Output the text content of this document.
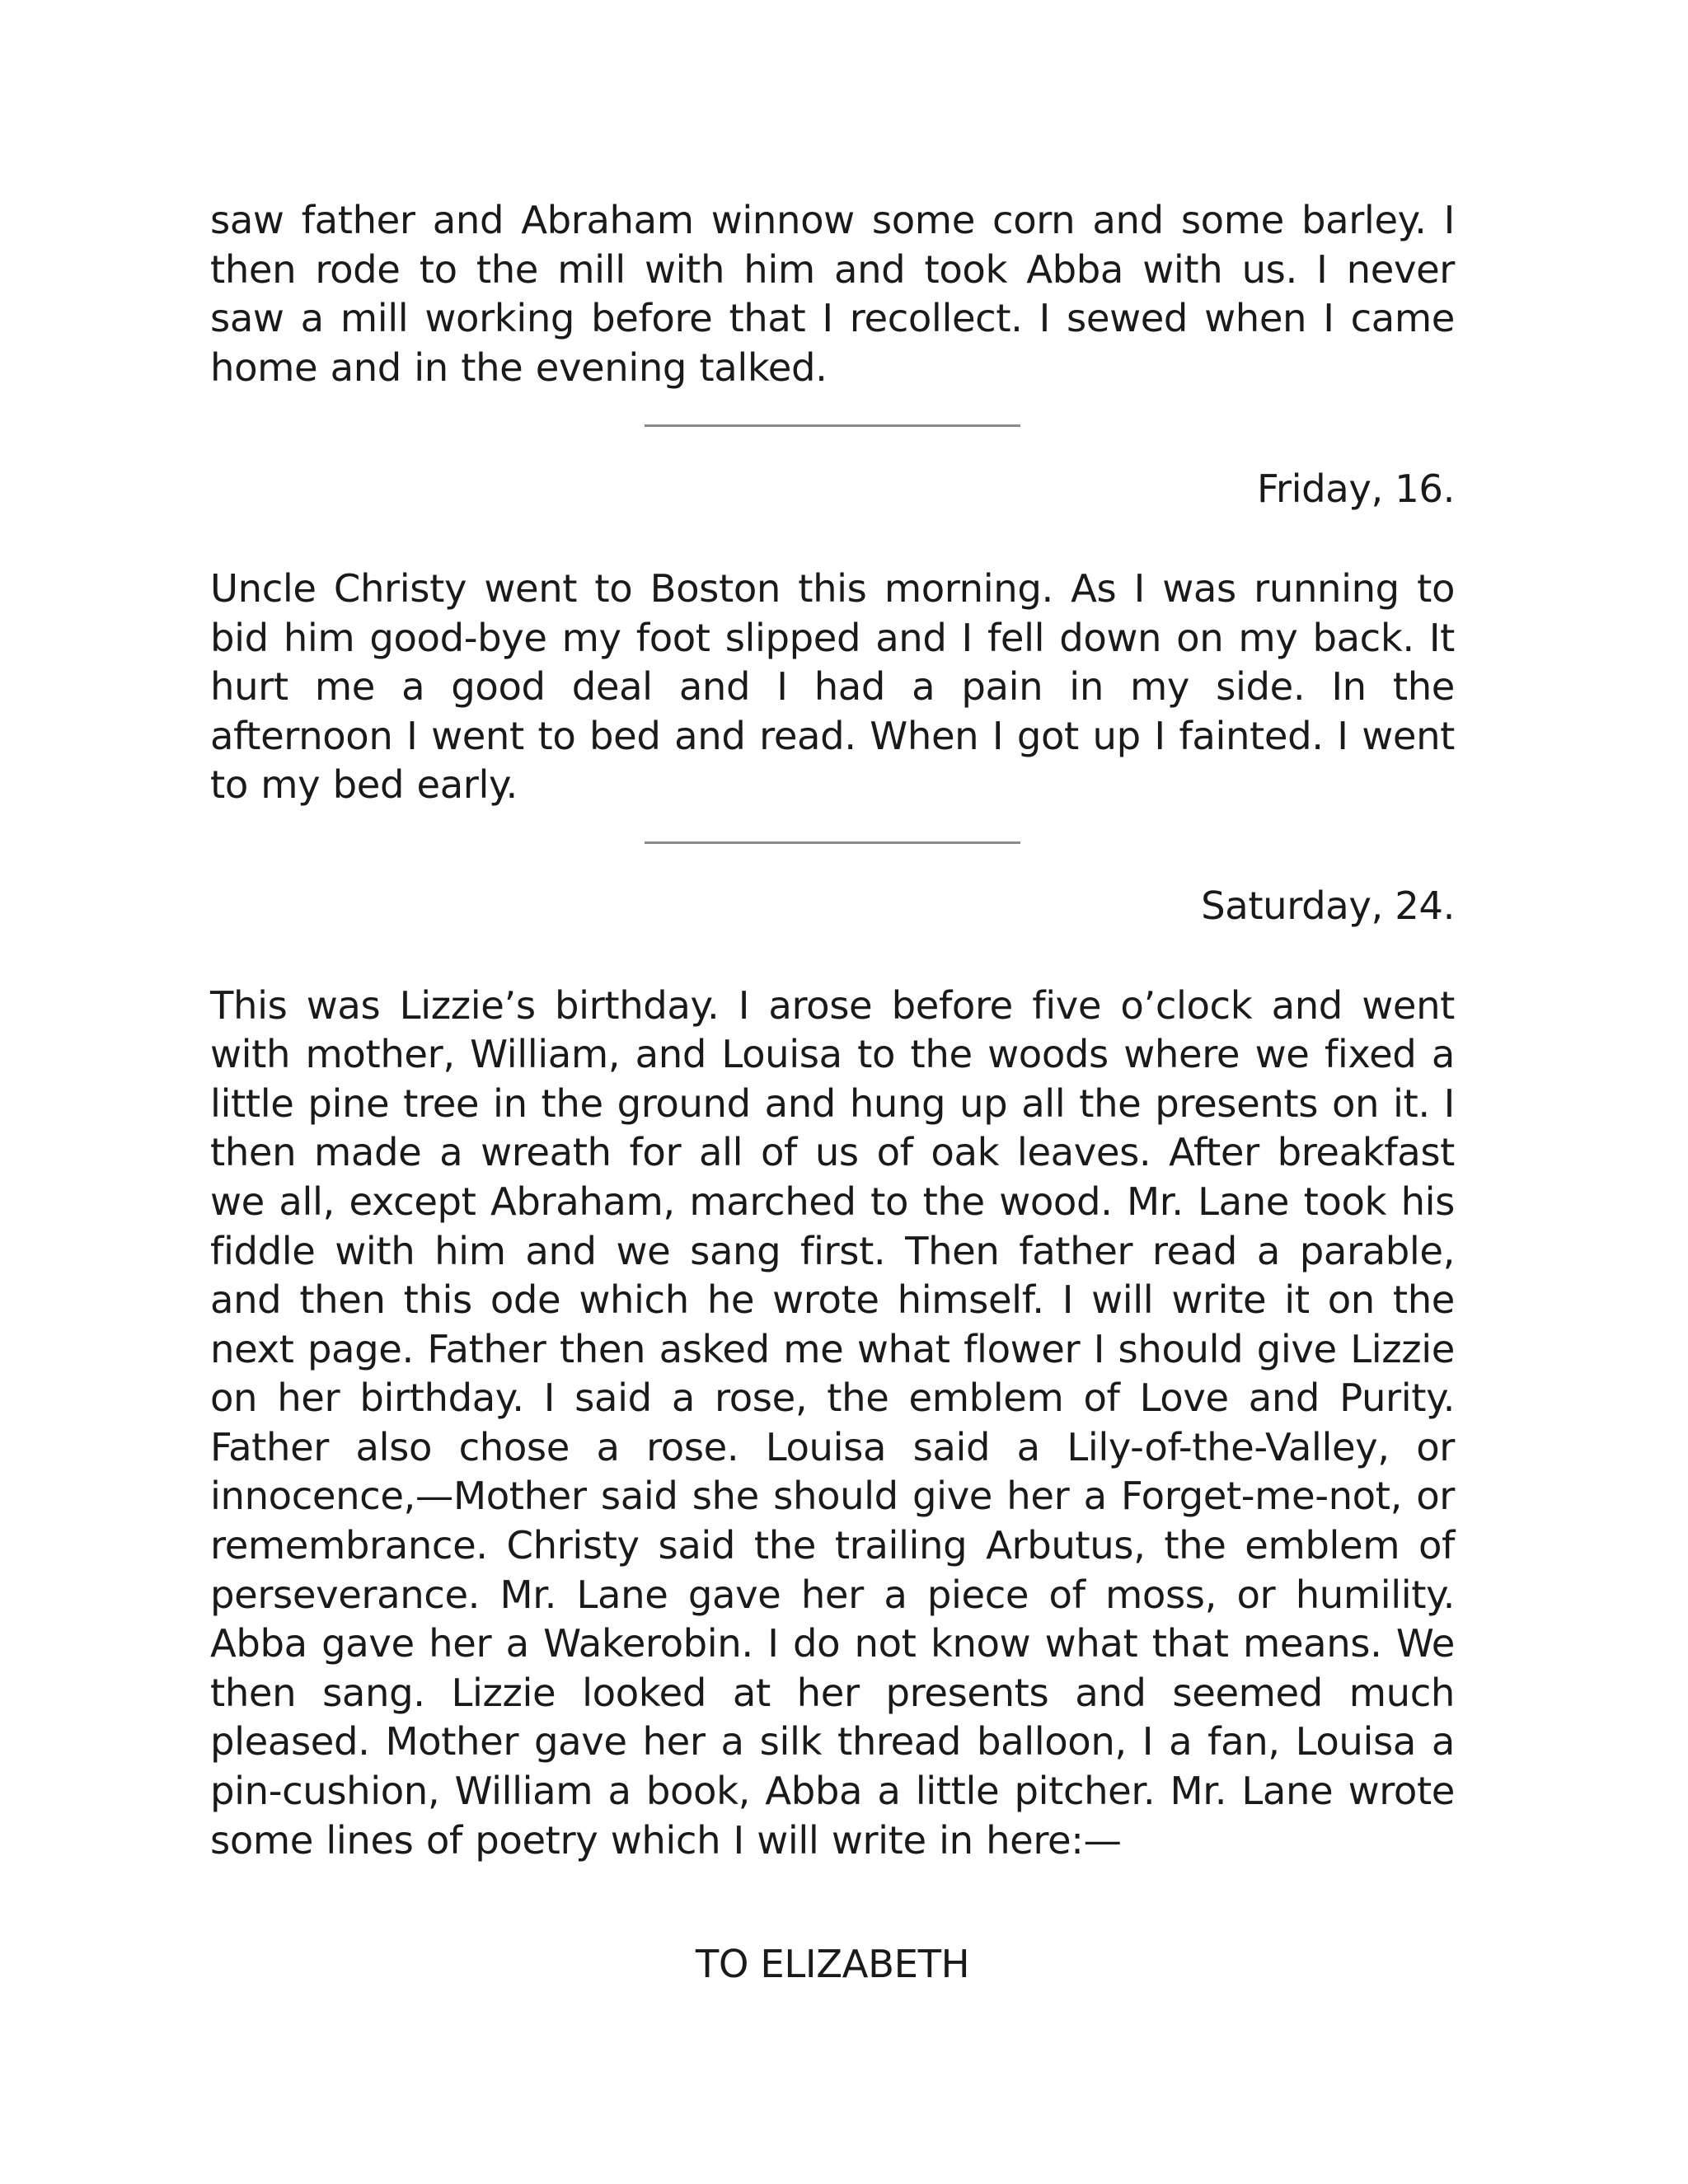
saw father and Abraham winnow some corn and some barley. I then rode to the mill with him and took Abba with us. I never saw a mill working before that I recollect. I sewed when I came home and in the evening talked.

Friday, 16.

Uncle Christy went to Boston this morning. As I was running to bid him good-bye my foot slipped and I fell down on my back. It hurt me a good deal and I had a pain in my side. In the afternoon I went to bed and read. When I got up I fainted. I went to my bed early.

Saturday, 24.

This was Lizzie’s birthday. I arose before five o’clock and went with mother, William, and Louisa to the woods where we fixed a little pine tree in the ground and hung up all the presents on it. I then made a wreath for all of us of oak leaves. After breakfast we all, except Abraham, marched to the wood. Mr. Lane took his fiddle with him and we sang first. Then father read a parable, and then this ode which he wrote himself. I will write it on the next page. Father then asked me what flower I should give Lizzie on her birthday. I said a rose, the emblem of Love and Purity. Father also chose a rose. Louisa said a Lily-of-the-Valley, or innocence,—Mother said she should give her a Forget-me-not, or remembrance. Christy said the trailing Arbutus, the emblem of perseverance. Mr. Lane gave her a piece of moss, or humility. Abba gave her a Wakerobin. I do not know what that means. We then sang. Lizzie looked at her presents and seemed much pleased. Mother gave her a silk thread balloon, I a fan, Louisa a pin-cushion, William a book, Abba a little pitcher. Mr. Lane wrote some lines of poetry which I will write in here:—

TO ELIZABETH
